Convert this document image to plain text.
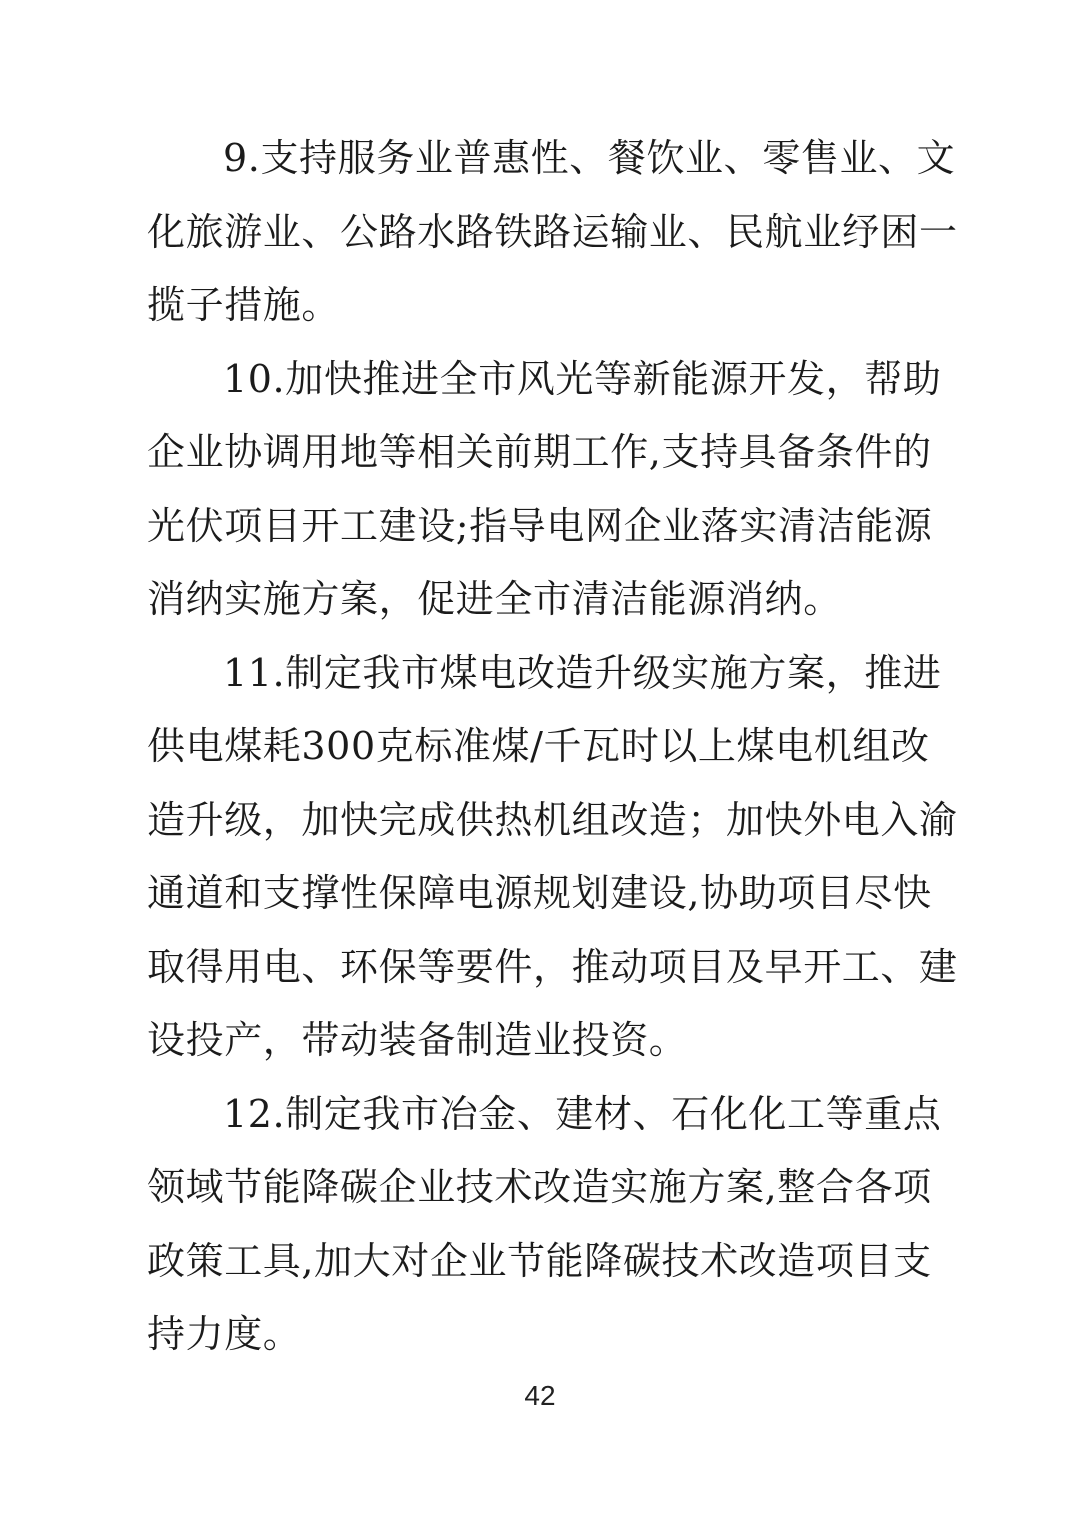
9.支持服务业普惠性、餐饮业、零售业、文
化旅游业、公路水路铁路运输业、民航业纾困一
揽子措施。
10.加快推进全市风光等新能源开发，帮助
企业协调用地等相关前期工作,支持具备条件的
光伏项目开工建设;指导电网企业落实清洁能源
消纳实施方案，促进全市清洁能源消纳。
11.制定我市煤电改造升级实施方案，推进
供电煤耗300克标准煤/千瓦时以上煤电机组改
造升级，加快完成供热机组改造；加快外电入渝
通道和支撑性保障电源规划建设,协助项目尽快
取得用电、环保等要件，推动项目及早开工、建
设投产，带动装备制造业投资。
12.制定我市冶金、建材、石化化工等重点
领域节能降碳企业技术改造实施方案,整合各项
政策工具,加大对企业节能降碳技术改造项目支
持力度。
42
